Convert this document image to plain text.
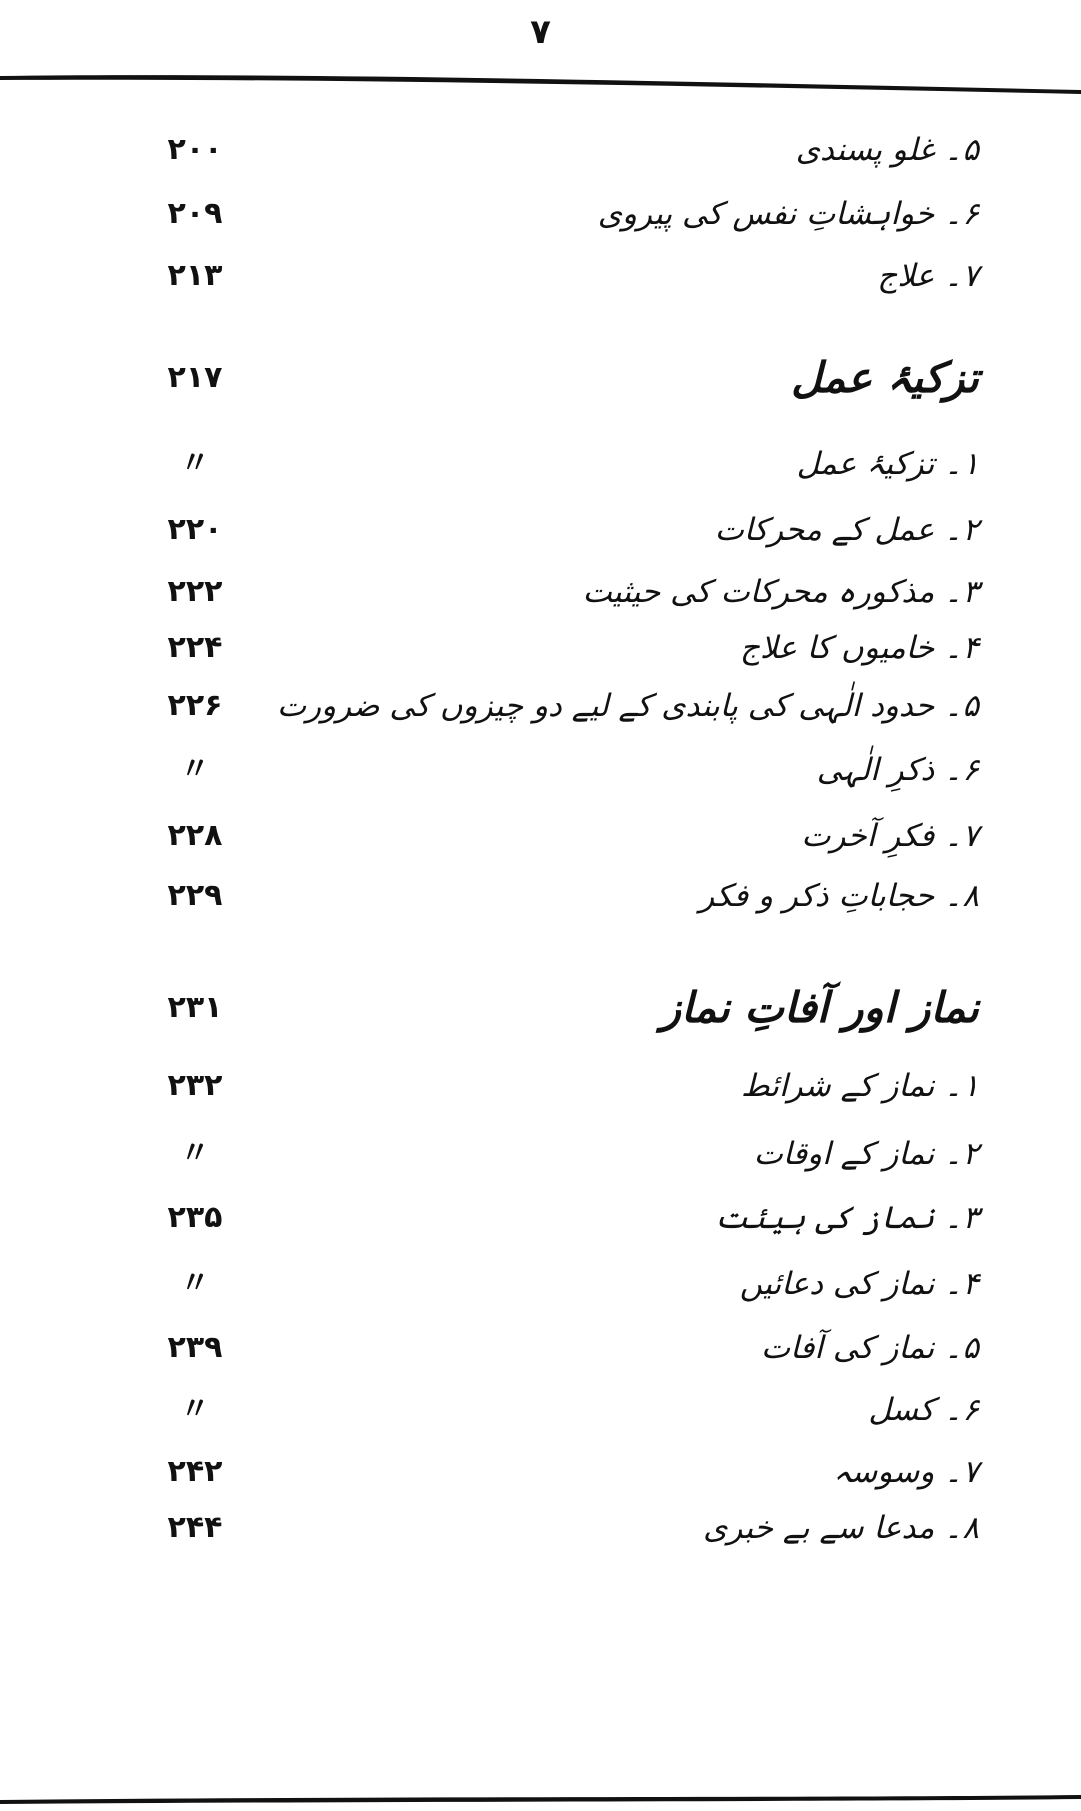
۷
۵۔ غلو پسندی
۲۰۰
۶۔ خواہشاتِ نفس کی پیروی
۲۰۹
۷۔ علاج
۲۱۳
تزکیۂ عمل
۲۱۷
۱۔ تزکیۂ عمل
〃
۲۔ عمل کے محرکات
۲۲۰
۳۔ مذکورہ محرکات کی حیثیت
۲۲۲
۴۔ خامیوں کا علاج
۲۲۴
۵۔ حدود الٰہی کی پابندی کے لیے دو چیزوں کی ضرورت
۲۲۶
۶۔ ذکرِ الٰہی
〃
۷۔ فکرِ آخرت
۲۲۸
۸۔ حجاباتِ ذکر و فکر
۲۲۹
نماز اور آفاتِ نماز
۲۳۱
۱۔ نماز کے شرائط
۲۳۲
۲۔ نماز کے اوقات
〃
۳۔ نماز کی ہیئت
۲۳۵
۴۔ نماز کی دعائیں
〃
۵۔ نماز کی آفات
۲۳۹
۶۔ کسل
〃
۷۔ وسوسہ
۲۴۲
۸۔ مدعا سے بے خبری
۲۴۴
